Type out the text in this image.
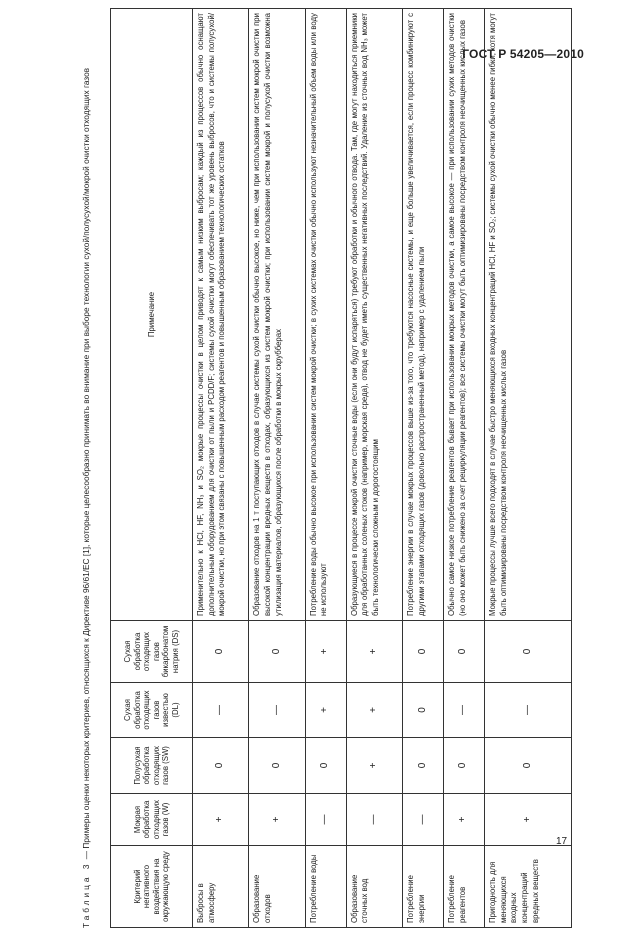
ГОСТ Р 54205—2010
Таблица 3 — Примеры оценки некоторых критериев, относящихся к Директиве 96/61/ЕС [1], которые целесообразно принимать во внимание при выборе технологии сухой/полусухой/мокрой очистки отходящих газов
Критерий негативного воздействия на окружающую среду	Мокрая обработка отходящих газов (W)	Полусухая обработка отходящих газов (SW)	Сухая обработка отходящих газов известью (DL)	Сухая обработка отходящих газов бикарбонатом натрия (DS)	Примечание
Выбросы в атмосферу	+	0	—	0	Применительно к HCl, HF, NH₃ и SO₂ мокрые процессы очистки в целом приводят к самым низким выбросам; каждый из процессов обычно оснащают дополнительным оборудованием для очистки от пыли и PCDD/F; системы сухой очистки могут обеспечивать тот же уровень выбросов, что и системы полусухой/мокрой очистки, но при этом связаны с повышенным расходом реагентов и повышенным образованием технологических остатков
Образование отходов	+	0	—	0	Образование отходов на 1 т поступающих отходов в случае системы сухой очистки обычно высокое, но ниже, чем при использовании систем мокрой очистки при высокой концентрации вредных веществ в отходах, образующихся из систем мокрой очистки; при использовании систем мокрой и полусухой очистки возможна утилизация материалов, образующихся после обработки в мокрых скрубберах
Потребление воды	—	0	+	+	Потребление воды обычно высокое при использовании систем мокрой очистки; в сухих системах очистки обычно используют незначительный объем воды или воду не используют
Образование сточных вод	—	+	+	+	Образующиеся в процессе мокрой очистки сточные воды (если они будут испаряться) требуют обработки и обычного отвода. Там, где могут находиться приемники для обработанных соленых стоков (например, морская среда), отвод не будет иметь существенных негативных последствий. Удаление из сточных вод NH₃ может быть технологически сложным и дорогостоящим
Потребление энергии	—	0	0	0	Потребление энергии в случае мокрых процессов выше из-за того, что требуются насосные системы, и еще больше увеличивается, если процесс комбинируют с другими этапами отходящих газов (довольно распространенный метод), например с удалением пыли
Потребление реагентов	+	0	—	0	Обычно самое низкое потребление реагентов бывает при использовании мокрых методов очистки, а самое высокое — при использовании сухих методов очистки (но оно может быть снижено за счет рециркуляции реагентов); все системы очистки могут быть оптимизированы посредством контроля неочищенных кислых газов
Пригодность для меняющихся входных концентраций вредных веществ	+	0	—	0	Мокрые процессы лучше всего подходят в случае быстро меняющихся входных концентраций HCl, HF и SO₂; системы сухой очистки обычно менее гибки, хотя могут быть оптимизированы посредством контроля неочищенных кислых газов
17
